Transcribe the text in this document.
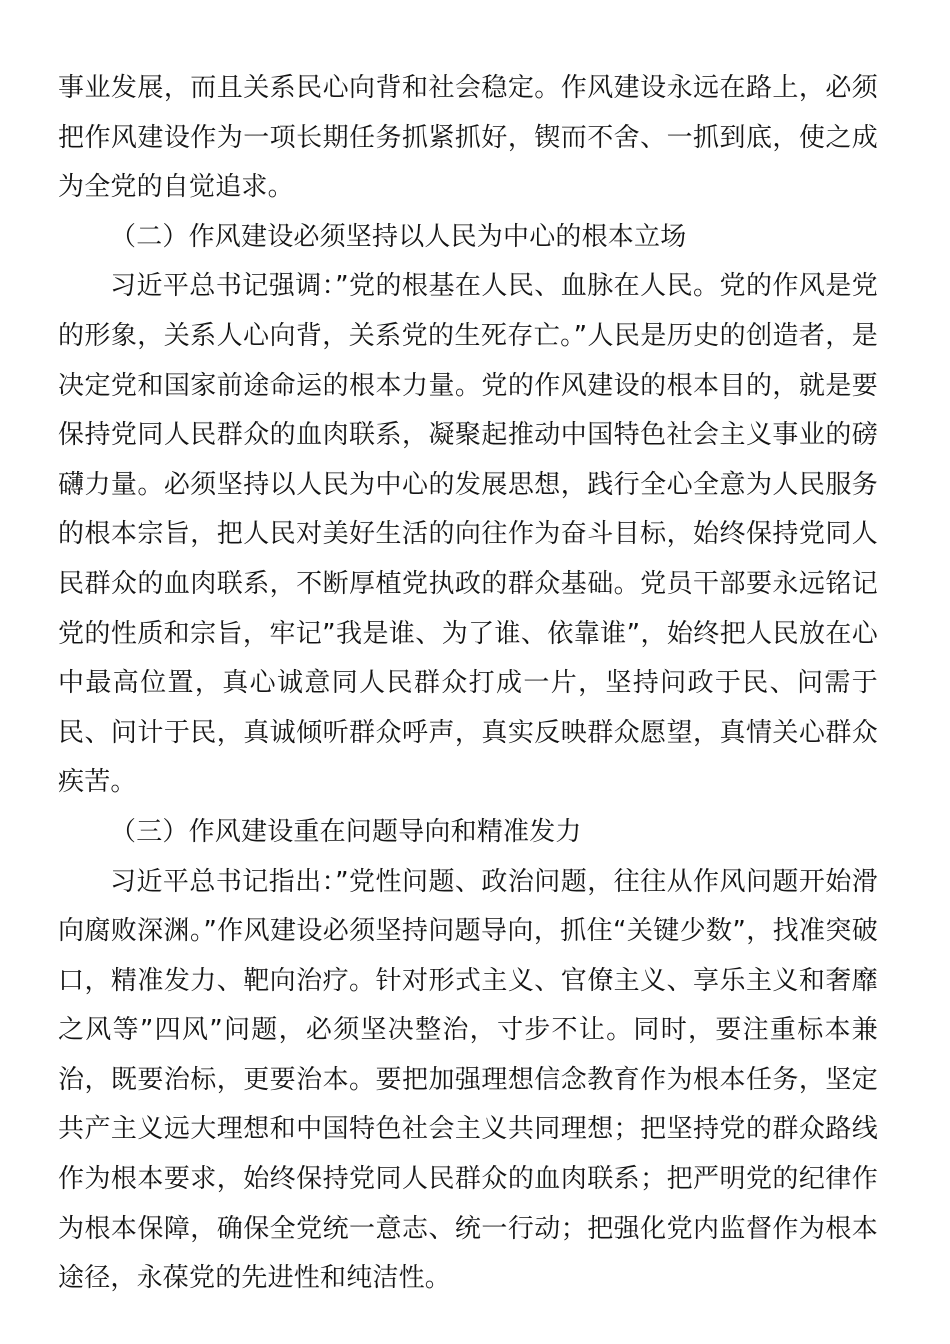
事业发展，而且关系民心向背和社会稳定。作风建设永远在路上，必须把作风建设作为一项长期任务抓紧抓好，锲而不舍、一抓到底，使之成为全党的自觉追求。

（二）作风建设必须坚持以人民为中心的根本立场

习近平总书记强调：”党的根基在人民、血脉在人民。党的作风是党的形象，关系人心向背，关系党的生死存亡。”人民是历史的创造者，是决定党和国家前途命运的根本力量。党的作风建设的根本目的，就是要保持党同人民群众的血肉联系，凝聚起推动中国特色社会主义事业的磅礴力量。必须坚持以人民为中心的发展思想，践行全心全意为人民服务的根本宗旨，把人民对美好生活的向往作为奋斗目标，始终保持党同人民群众的血肉联系，不断厚植党执政的群众基础。党员干部要永远铭记党的性质和宗旨，牢记”我是谁、为了谁、依靠谁”，始终把人民放在心中最高位置，真心诚意同人民群众打成一片，坚持问政于民、问需于民、问计于民，真诚倾听群众呼声，真实反映群众愿望，真情关心群众疾苦。

（三）作风建设重在问题导向和精准发力

习近平总书记指出：”党性问题、政治问题，往往从作风问题开始滑向腐败深渊。”作风建设必须坚持问题导向，抓住“关键少数”，找准突破口，精准发力、靶向治疗。针对形式主义、官僚主义、享乐主义和奢靡之风等”四风”问题，必须坚决整治，寸步不让。同时，要注重标本兼治，既要治标，更要治本。要把加强理想信念教育作为根本任务，坚定共产主义远大理想和中国特色社会主义共同理想；把坚持党的群众路线作为根本要求，始终保持党同人民群众的血肉联系；把严明党的纪律作为根本保障，确保全党统一意志、统一行动；把强化党内监督作为根本途径，永葆党的先进性和纯洁性。
